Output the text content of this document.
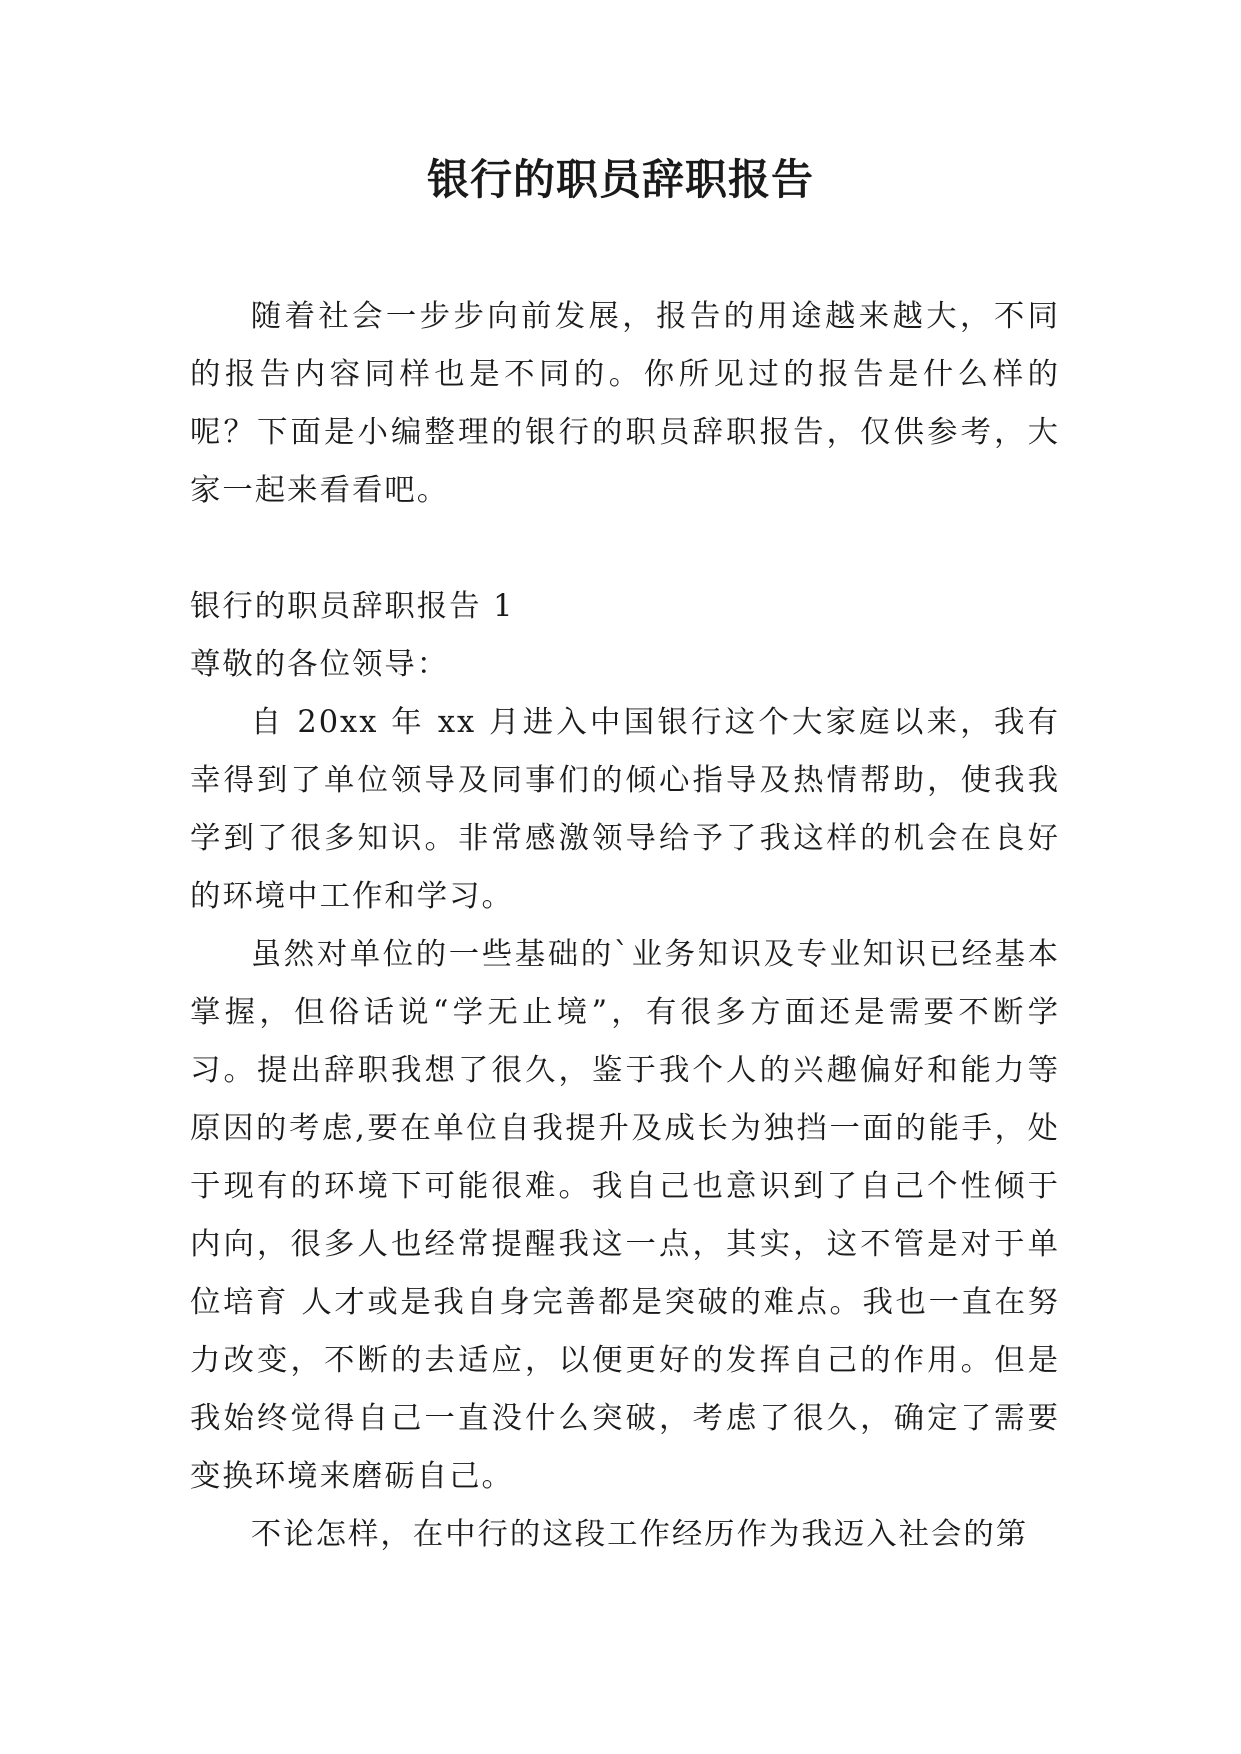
银行的职员辞职报告

随着社会一步步向前发展，报告的用途越来越大，不同的报告内容同样也是不同的。你所见过的报告是什么样的呢？下面是小编整理的银行的职员辞职报告，仅供参考，大家一起来看看吧。

银行的职员辞职报告 1

尊敬的各位领导：

自 20xx 年 xx 月进入中国银行这个大家庭以来，我有幸得到了单位领导及同事们的倾心指导及热情帮助，使我我学到了很多知识。非常感激领导给予了我这样的机会在良好的环境中工作和学习。

虽然对单位的一些基础的`业务知识及专业知识已经基本掌握，但俗话说“学无止境”，有很多方面还是需要不断学习。提出辞职我想了很久，鉴于我个人的兴趣偏好和能力等原因的考虑,要在单位自我提升及成长为独挡一面的能手，处于现有的环境下可能很难。我自己也意识到了自己个性倾于内向，很多人也经常提醒我这一点，其实，这不管是对于单位培育 人才或是我自身完善都是突破的难点。我也一直在努力改变，不断的去适应，以便更好的发挥自己的作用。但是我始终觉得自己一直没什么突破，考虑了很久，确定了需要变换环境来磨砺自己。

不论怎样，在中行的这段工作经历作为我迈入社会的第
